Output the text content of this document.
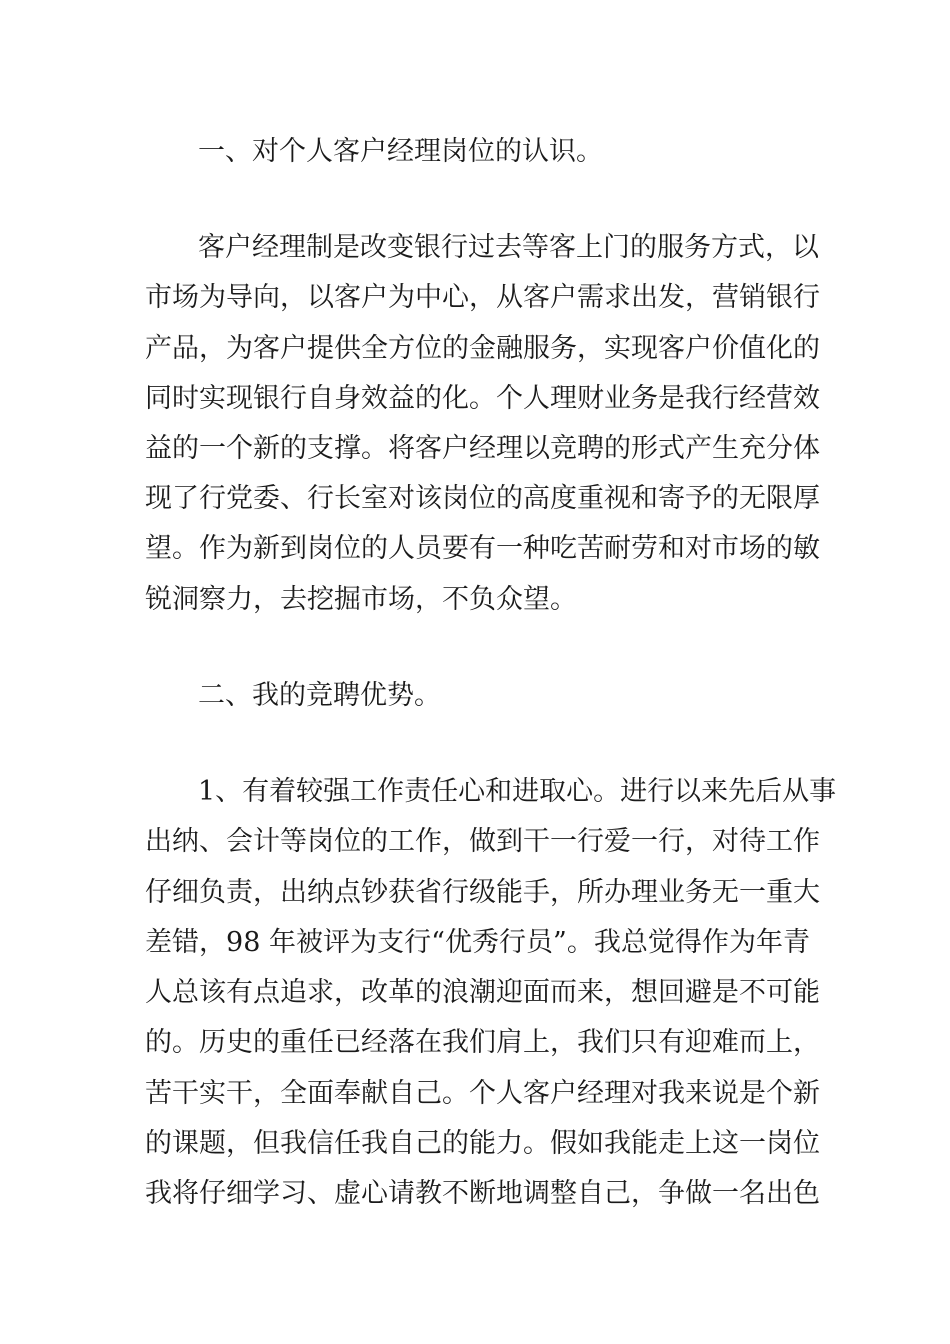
一、对个人客户经理岗位的认识。
客户经理制是改变银行过去等客上门的服务方式，以
市场为导向，以客户为中心，从客户需求出发，营销银行
产品，为客户提供全方位的金融服务，实现客户价值化的
同时实现银行自身效益的化。个人理财业务是我行经营效
益的一个新的支撑。将客户经理以竞聘的形式产生充分体
现了行党委、行长室对该岗位的高度重视和寄予的无限厚
望。作为新到岗位的人员要有一种吃苦耐劳和对市场的敏
锐洞察力，去挖掘市场，不负众望。
二、我的竞聘优势。
1、有着较强工作责任心和进取心。进行以来先后从事
出纳、会计等岗位的工作，做到干一行爱一行，对待工作
仔细负责，出纳点钞获省行级能手，所办理业务无一重大
差错，98 年被评为支行“优秀行员”。我总觉得作为年青
人总该有点追求，改革的浪潮迎面而来，想回避是不可能
的。历史的重任已经落在我们肩上，我们只有迎难而上，
苦干实干，全面奉献自己。个人客户经理对我来说是个新
的课题，但我信任我自己的能力。假如我能走上这一岗位
我将仔细学习、虚心请教不断地调整自己，争做一名出色
